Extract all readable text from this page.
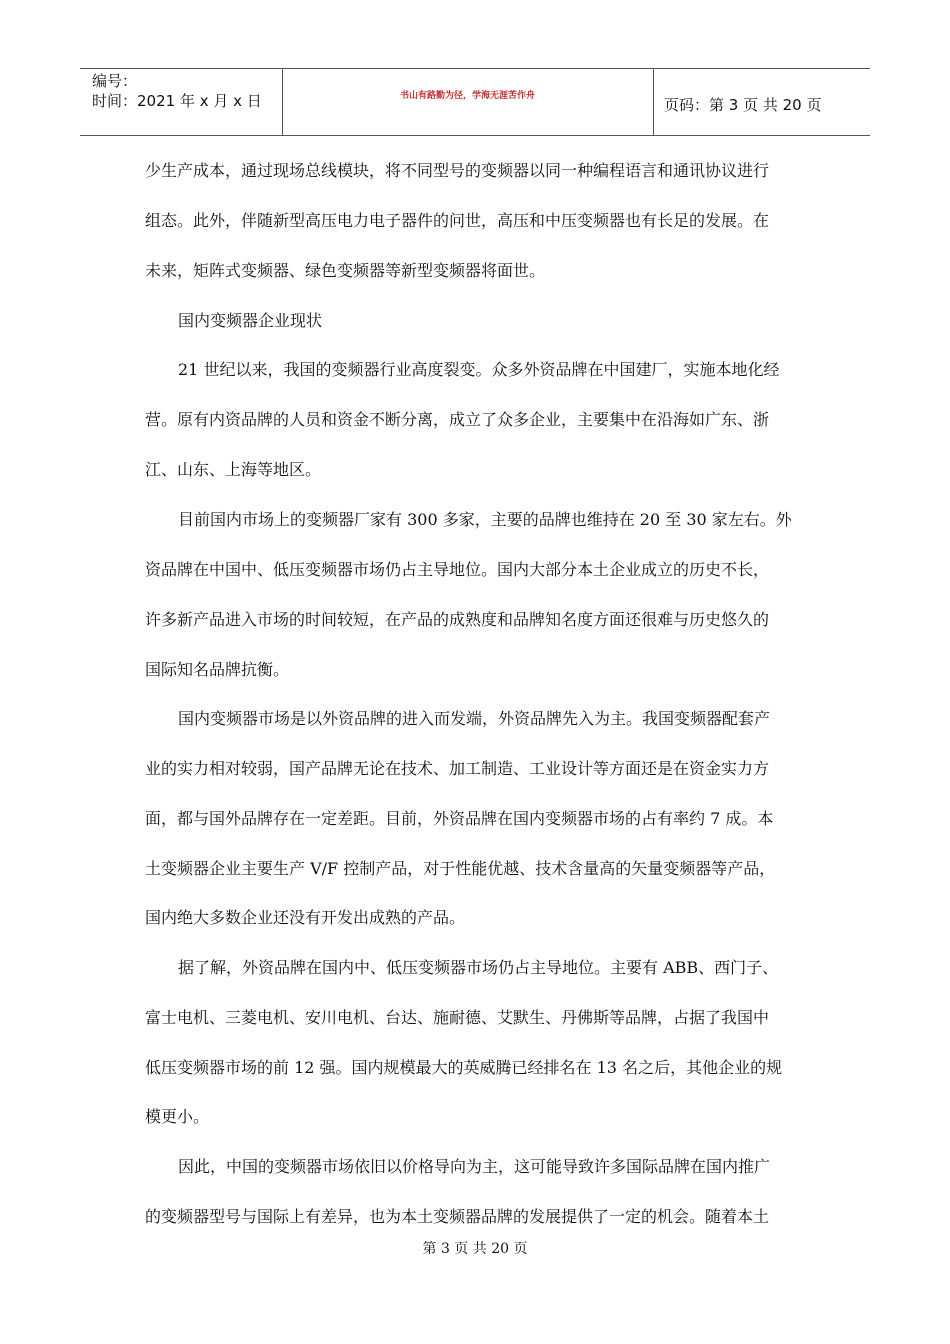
编号：
时间：2021 年 x 月 x 日	书山有路勤为径，学海无涯苦作舟	页码：第 3 页 共 20 页
少生产成本，通过现场总线模块，将不同型号的变频器以同一种编程语言和通讯协议进行
组态。此外，伴随新型高压电力电子器件的问世，高压和中压变频器也有长足的发展。在
未来，矩阵式变频器、绿色变频器等新型变频器将面世。
国内变频器企业现状
21 世纪以来，我国的变频器行业高度裂变。众多外资品牌在中国建厂，实施本地化经
营。原有内资品牌的人员和资金不断分离，成立了众多企业，主要集中在沿海如广东、浙
江、山东、上海等地区。
目前国内市场上的变频器厂家有 300 多家，主要的品牌也维持在 20 至 30 家左右。外
资品牌在中国中、低压变频器市场仍占主导地位。国内大部分本土企业成立的历史不长，
许多新产品进入市场的时间较短，在产品的成熟度和品牌知名度方面还很难与历史悠久的
国际知名品牌抗衡。
国内变频器市场是以外资品牌的进入而发端，外资品牌先入为主。我国变频器配套产
业的实力相对较弱，国产品牌无论在技术、加工制造、工业设计等方面还是在资金实力方
面，都与国外品牌存在一定差距。目前，外资品牌在国内变频器市场的占有率约 7 成。本
土变频器企业主要生产 V/F 控制产品，对于性能优越、技术含量高的矢量变频器等产品，
国内绝大多数企业还没有开发出成熟的产品。
据了解，外资品牌在国内中、低压变频器市场仍占主导地位。主要有 ABB、西门子、
富士电机、三菱电机、安川电机、台达、施耐德、艾默生、丹佛斯等品牌，占据了我国中
低压变频器市场的前 12 强。国内规模最大的英威腾已经排名在 13 名之后，其他企业的规
模更小。
因此，中国的变频器市场依旧以价格导向为主，这可能导致许多国际品牌在国内推广
的变频器型号与国际上有差异，也为本土变频器品牌的发展提供了一定的机会。随着本土
第 3 页 共 20 页
